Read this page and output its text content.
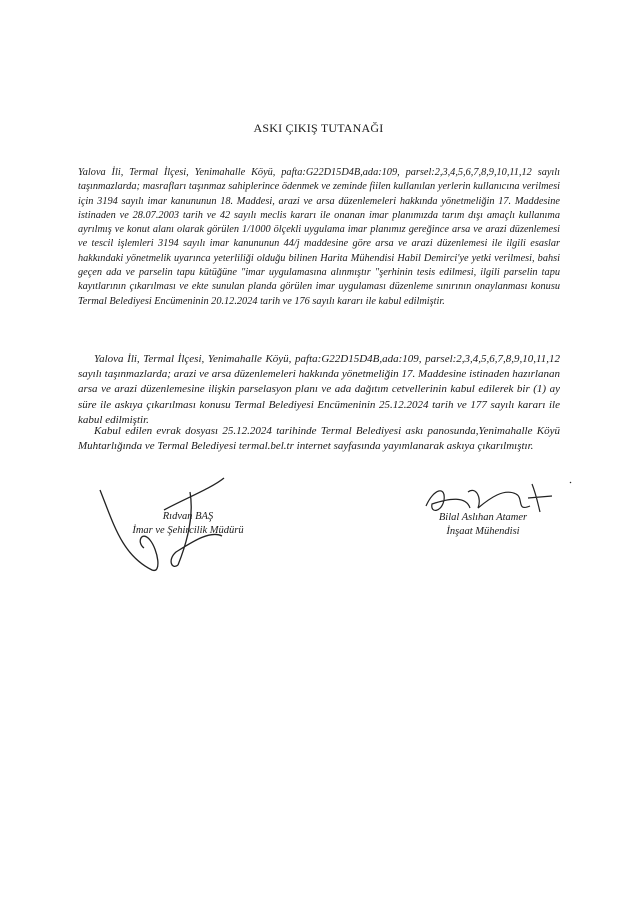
ASKI ÇIKIŞ TUTANAĞI
Yalova İli, Termal İlçesi, Yenimahalle Köyü, pafta:G22D15D4B,ada:109, parsel:2,3,4,5,6,7,8,9,10,11,12 sayılı taşınmazlarda; masrafları taşınmaz sahiplerince ödenmek ve zeminde fiilen kullanılan yerlerin kullanıcına verilmesi için 3194 sayılı imar kanununun 18. Maddesi, arazi ve arsa düzenlemeleri hakkında yönetmeliğin 17. Maddesine istinaden ve 28.07.2003 tarih ve 42 sayılı meclis kararı ile onanan imar planımızda tarım dışı amaçlı kullanıma ayrılmış ve konut alanı olarak görülen 1/1000 ölçekli uygulama imar planımız gereğince arsa ve arazi düzenlemesi ve tescil işlemleri 3194 sayılı imar kanununun 44/j maddesine göre arsa ve arazi düzenlemesi ile ilgili esaslar hakkındaki yönetmelik uyarınca yeterliliği olduğu bilinen Harita Mühendisi Habil Demirci'ye yetki verilmesi, bahsi geçen ada ve parselin tapu kütüğüne "imar uygulamasına alınmıştır "şerhinin tesis edilmesi, ilgili parselin tapu kayıtlarının çıkarılması ve ekte sunulan planda görülen imar uygulaması düzenleme sınırının onaylanması konusu Termal Belediyesi Encümeninin 20.12.2024 tarih ve 176 sayılı kararı ile kabul edilmiştir.
Yalova İli, Termal İlçesi, Yenimahalle Köyü, pafta:G22D15D4B,ada:109, parsel:2,3,4,5,6,7,8,9,10,11,12 sayılı taşınmazlarda; arazi ve arsa düzenlemeleri hakkında yönetmeliğin 17. Maddesine istinaden hazırlanan arsa ve arazi düzenlemesine ilişkin parselasyon planı ve ada dağıtım cetvellerinin kabul edilerek bir (1) ay süre ile askıya çıkarılması konusu Termal Belediyesi Encümeninin 25.12.2024 tarih ve 177 sayılı kararı ile kabul edilmiştir.
Kabul edilen evrak dosyası 25.12.2024 tarihinde Termal Belediyesi askı panosunda,Yenimahalle Köyü Muhtarlığında ve Termal Belediyesi termal.bel.tr internet sayfasında yayımlanarak askıya çıkarılmıştır.
Rıdvan BAŞ
İmar ve Şehircilik Müdürü
Bilal Aslıhan Atamer
İnşaat Mühendisi
